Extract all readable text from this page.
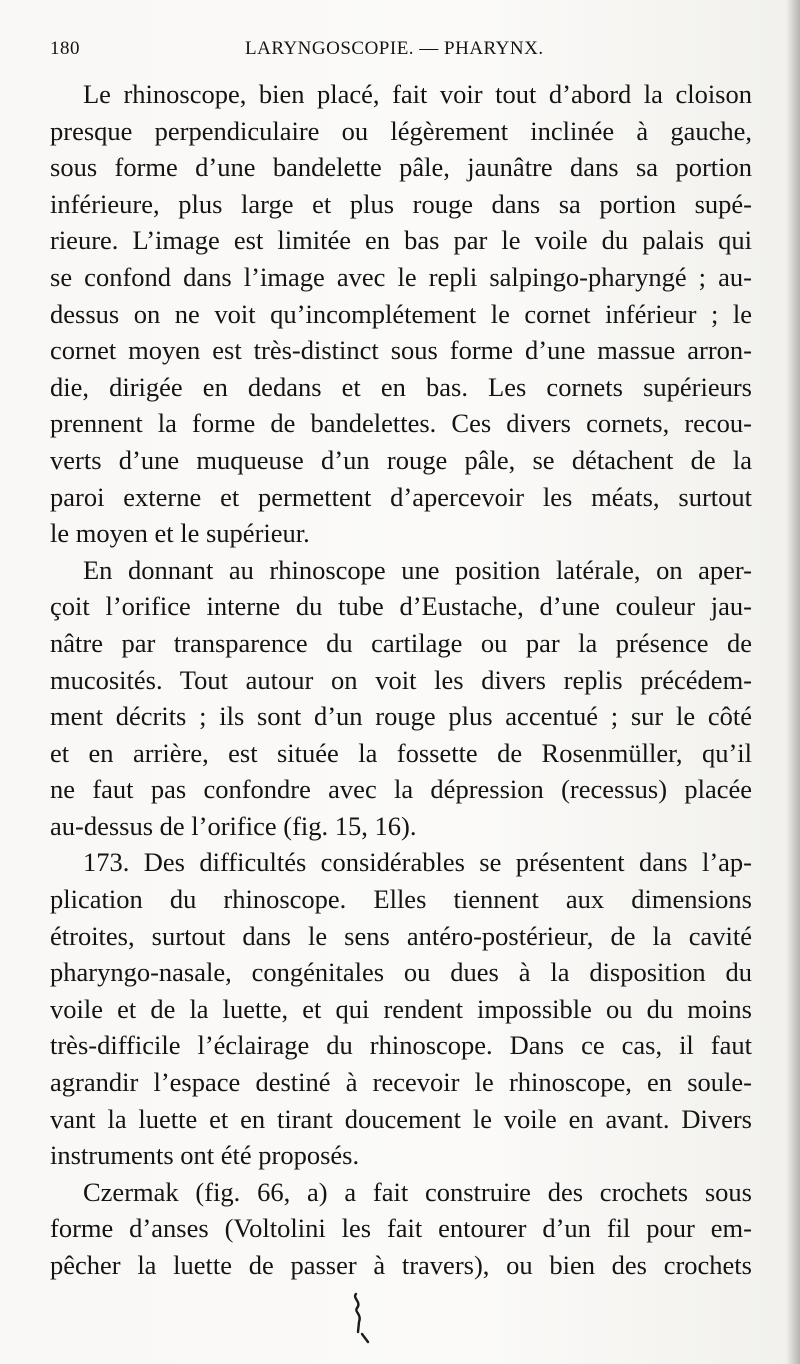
180	LARYNGOSCOPIE. — PHARYNX.
Le rhinoscope, bien placé, fait voir tout d’abord la cloison
presque perpendiculaire ou légèrement inclinée à gauche,
sous forme d’une bandelette pâle, jaunâtre dans sa portion
inférieure, plus large et plus rouge dans sa portion supé-
rieure. L’image est limitée en bas par le voile du palais qui
se confond dans l’image avec le repli salpingo-pharyngé ; au-
dessus on ne voit qu’incomplétement le cornet inférieur ; le
cornet moyen est très-distinct sous forme d’une massue arron-
die, dirigée en dedans et en bas. Les cornets supérieurs
prennent la forme de bandelettes. Ces divers cornets, recou-
verts d’une muqueuse d’un rouge pâle, se détachent de la
paroi externe et permettent d’apercevoir les méats, surtout
le moyen et le supérieur.
En donnant au rhinoscope une position latérale, on aper-
çoit l’orifice interne du tube d’Eustache, d’une couleur jau-
nâtre par transparence du cartilage ou par la présence de
mucosités. Tout autour on voit les divers replis précédem-
ment décrits ; ils sont d’un rouge plus accentué ; sur le côté
et en arrière, est située la fossette de Rosenmüller, qu’il
ne faut pas confondre avec la dépression (recessus) placée
au-dessus de l’orifice (fig. 15, 16).
173. Des difficultés considérables se présentent dans l’ap-
plication du rhinoscope. Elles tiennent aux dimensions
étroites, surtout dans le sens antéro-postérieur, de la cavité
pharyngo-nasale, congénitales ou dues à la disposition du
voile et de la luette, et qui rendent impossible ou du moins
très-difficile l’éclairage du rhinoscope. Dans ce cas, il faut
agrandir l’espace destiné à recevoir le rhinoscope, en soule-
vant la luette et en tirant doucement le voile en avant. Divers
instruments ont été proposés.
Czermak (fig. 66, a) a fait construire des crochets sous
forme d’anses (Voltolini les fait entourer d’un fil pour em-
pêcher la luette de passer à travers), ou bien des crochets
